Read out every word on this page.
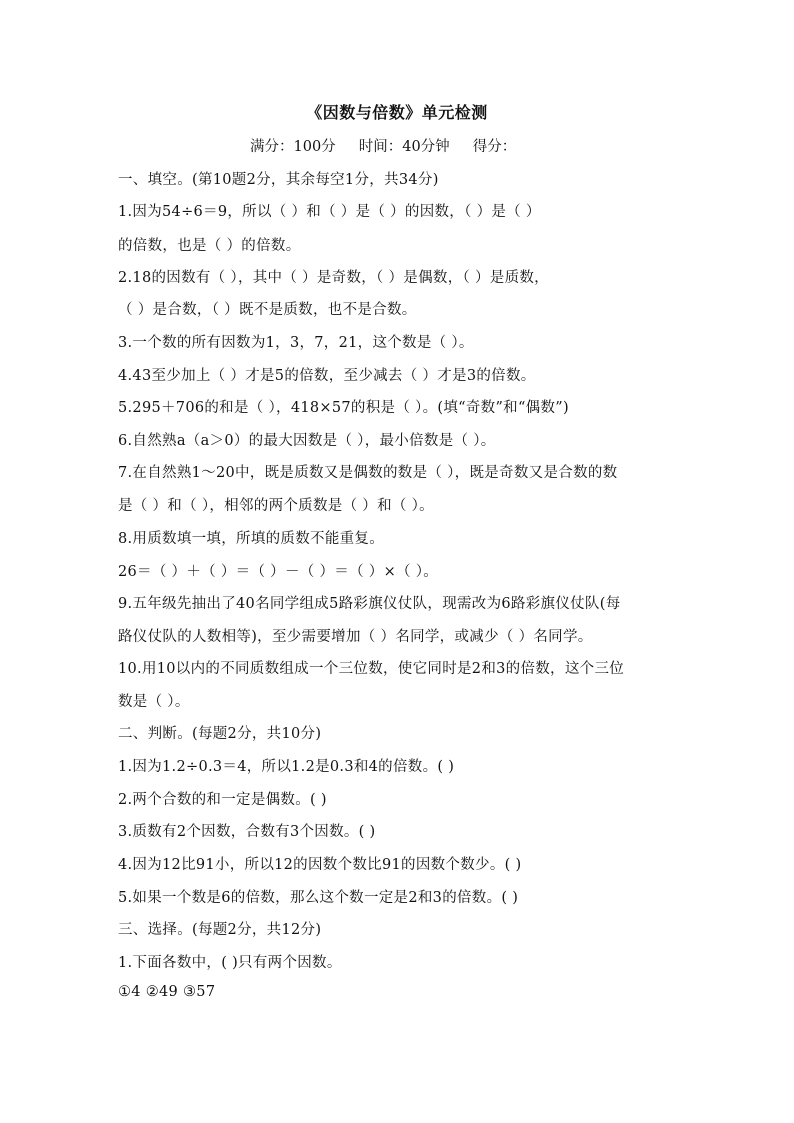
《因数与倍数》单元检测
满分：100分     时间：40分钟     得分：
一、填空。(第10题2分，其余每空1分，共34分)
1.因为54÷6＝9，所以（ ）和（ ）是（ ）的因数，（ ）是（ ）
的倍数，也是（ ）的倍数。
2.18的因数有（ ），其中（ ）是奇数，（ ）是偶数，（ ）是质数，
（ ）是合数，（ ）既不是质数，也不是合数。
3.一个数的所有因数为1，3，7，21，这个数是（ ）。
4.43至少加上（ ）才是5的倍数，至少减去（ ）才是3的倍数。
5.295＋706的和是（ ），418×57的积是（ ）。(填“奇数”和“偶数”)
6.自然熟a（a＞0）的最大因数是（ ），最小倍数是（ ）。
7.在自然熟1～20中，既是质数又是偶数的数是（ ），既是奇数又是合数的数
是（ ）和（ ），相邻的两个质数是（ ）和（ ）。
8.用质数填一填，所填的质数不能重复。
26＝（ ）＋（ ）＝（ ）－（ ）＝（ ）×（ ）。
9.五年级先抽出了40名同学组成5路彩旗仪仗队，现需改为6路彩旗仪仗队(每
路仪仗队的人数相等)，至少需要增加（ ）名同学，或减少（ ）名同学。
10.用10以内的不同质数组成一个三位数，使它同时是2和3的倍数，这个三位
数是（ ）。
二、判断。(每题2分，共10分)
1.因为1.2÷0.3＝4，所以1.2是0.3和4的倍数。( )
2.两个合数的和一定是偶数。( )
3.质数有2个因数，合数有3个因数。( )
4.因为12比91小，所以12的因数个数比91的因数个数少。( )
5.如果一个数是6的倍数，那么这个数一定是2和3的倍数。( )
三、选择。(每题2分，共12分)
1.下面各数中，( )只有两个因数。
①4 ②49 ③57
